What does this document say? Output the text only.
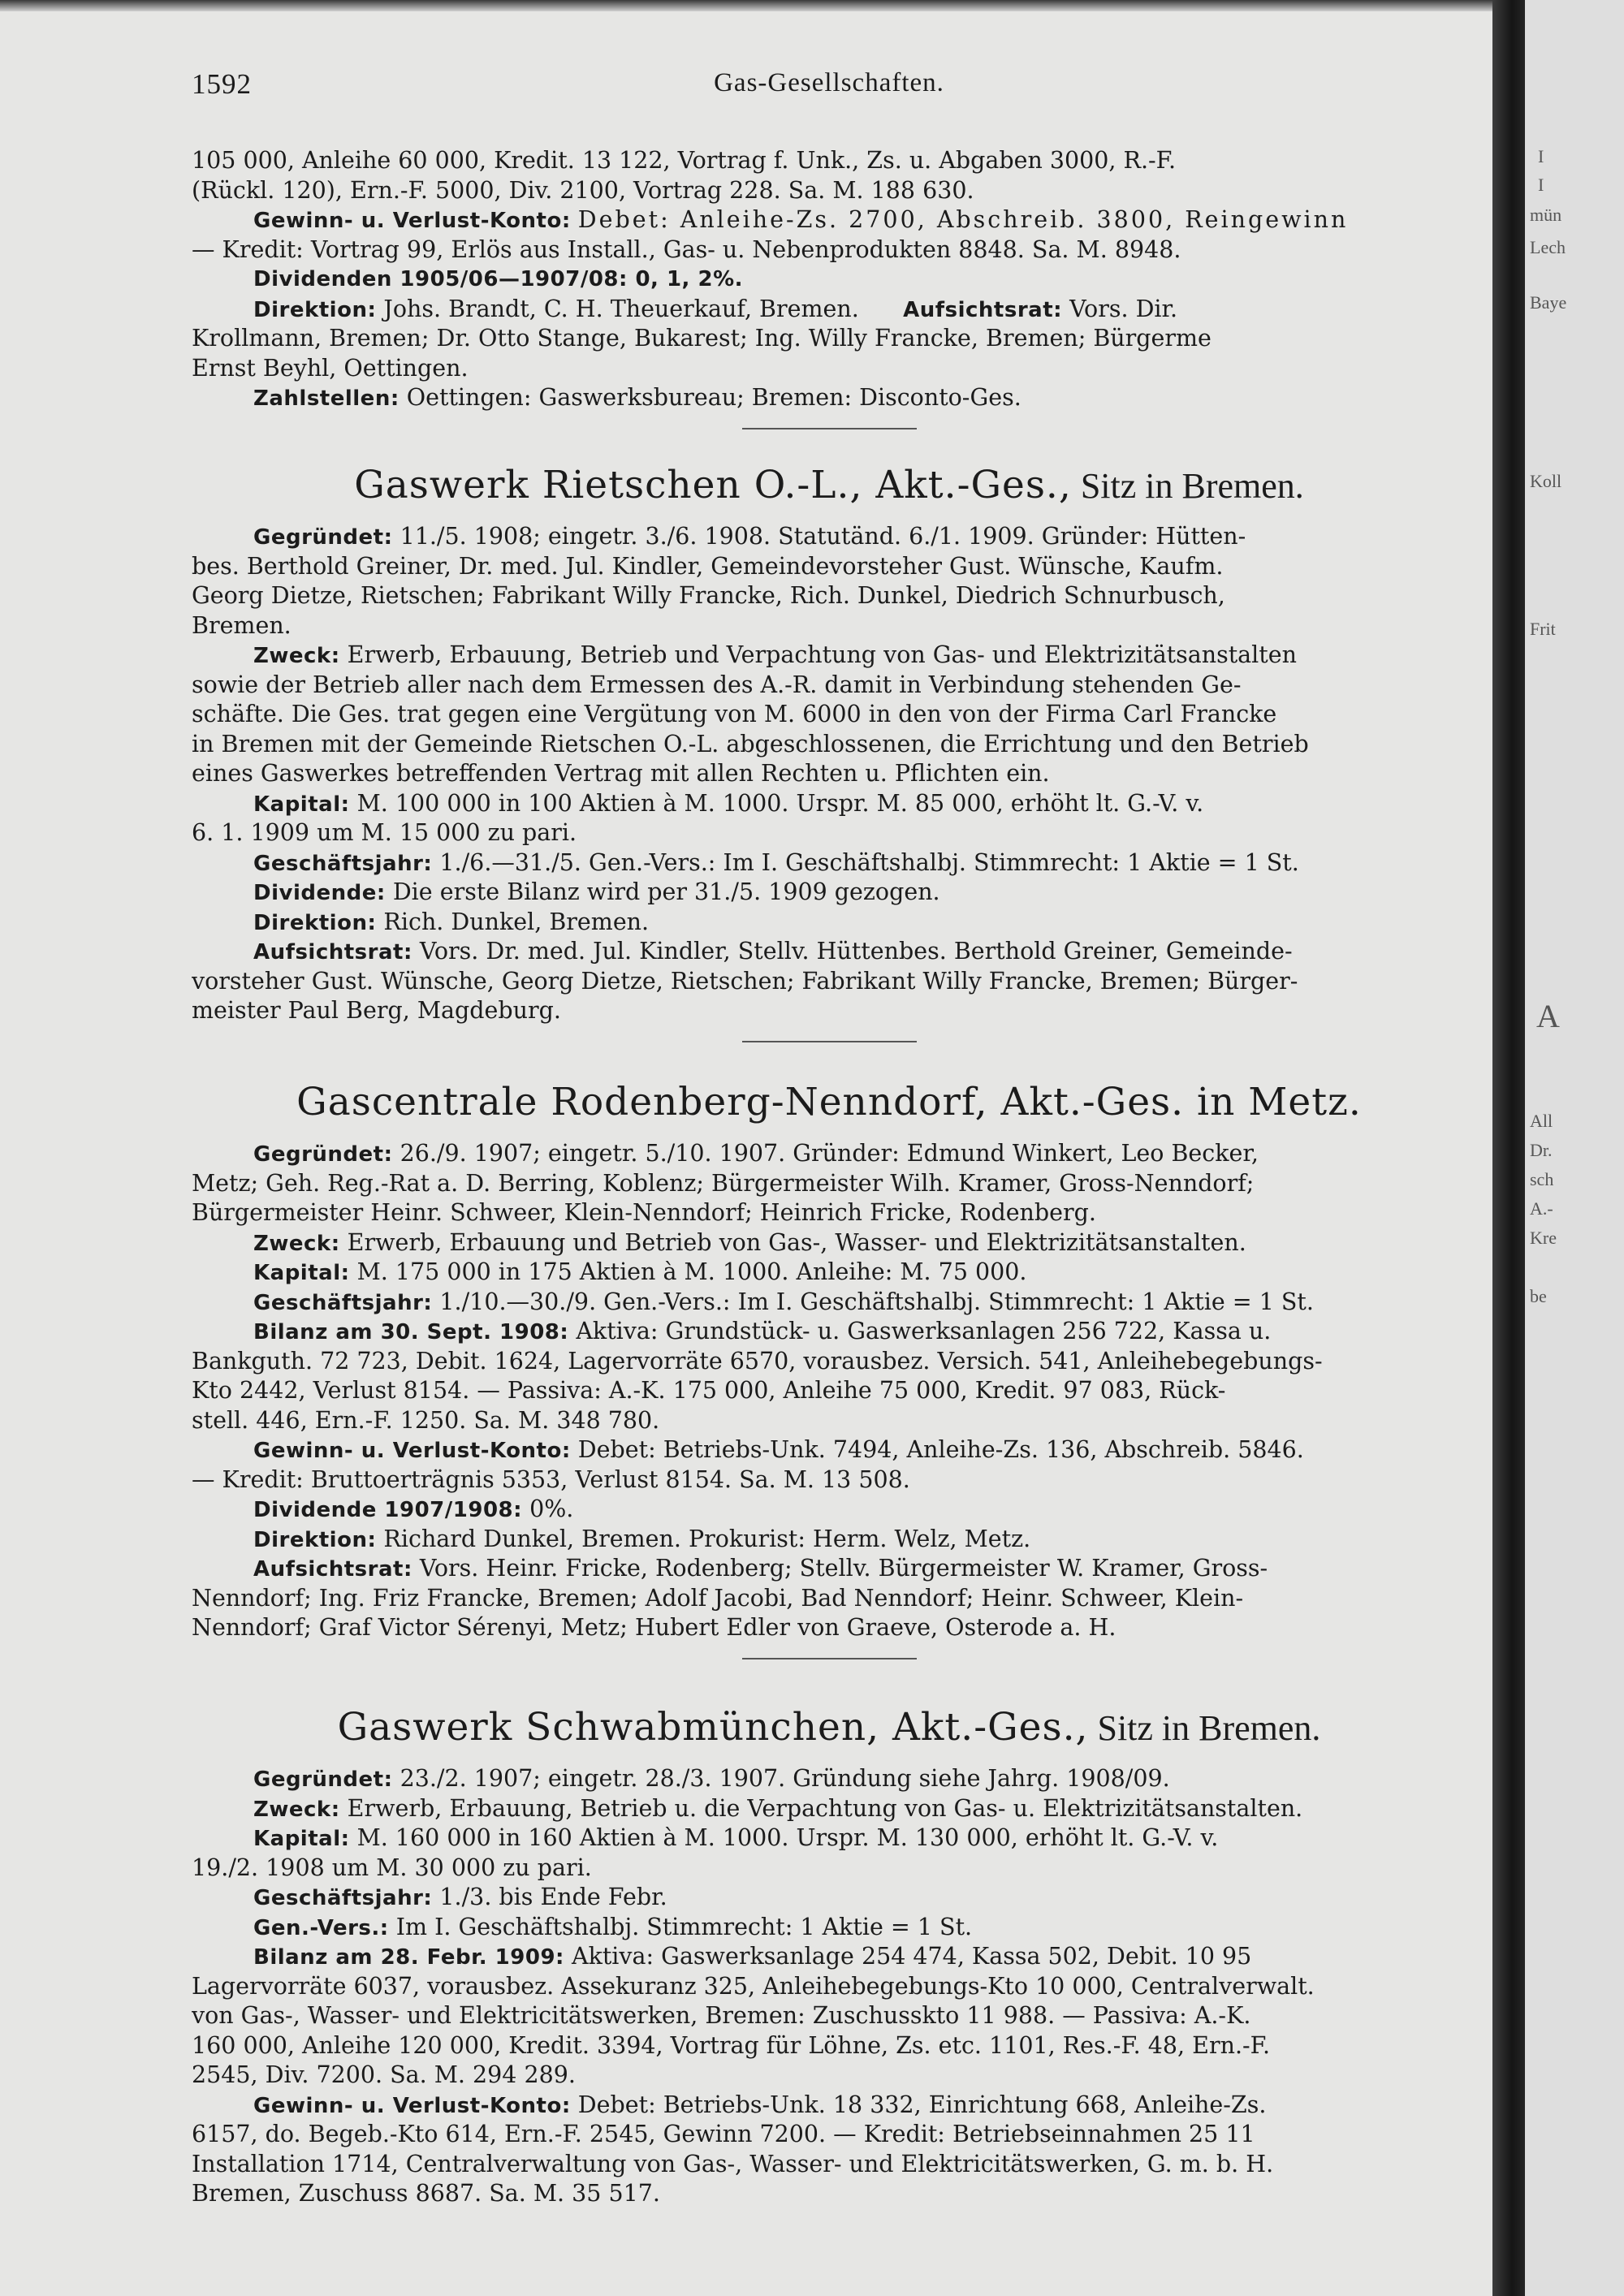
I
I
mün
Lech
Baye
Koll
Frit
A
All
Dr.
sch
A.-
Kre
be
1592	Gas-Gesellschaften.
105 000, Anleihe 60 000, Kredit. 13 122, Vortrag f. Unk., Zs. u. Abgaben 3000, R.-F.
(Rückl. 120), Ern.-F. 5000, Div. 2100, Vortrag 228. Sa. M. 188 630.
Gewinn- u. Verlust-Konto: Debet: Anleihe-Zs. 2700, Abschreib. 3800, Reingewinn
— Kredit: Vortrag 99, Erlös aus Install., Gas- u. Nebenprodukten 8848. Sa. M. 8948.
Dividenden 1905/06—1907/08: 0, 1, 2%.
Direktion: Johs. Brandt, C. H. Theuerkauf, Bremen. Aufsichtsrat: Vors. Dir.
Krollmann, Bremen; Dr. Otto Stange, Bukarest; Ing. Willy Francke, Bremen; Bürgerme
Ernst Beyhl, Oettingen.
Zahlstellen: Oettingen: Gaswerksbureau; Bremen: Disconto-Ges.
Gaswerk Rietschen O.-L., Akt.-Ges., Sitz in Bremen.
Gegründet: 11./5. 1908; eingetr. 3./6. 1908. Statutänd. 6./1. 1909. Gründer: Hütten-
bes. Berthold Greiner, Dr. med. Jul. Kindler, Gemeindevorsteher Gust. Wünsche, Kaufm.
Georg Dietze, Rietschen; Fabrikant Willy Francke, Rich. Dunkel, Diedrich Schnurbusch,
Bremen.
Zweck: Erwerb, Erbauung, Betrieb und Verpachtung von Gas- und Elektrizitätsanstalten
sowie der Betrieb aller nach dem Ermessen des A.-R. damit in Verbindung stehenden Ge-
schäfte. Die Ges. trat gegen eine Vergütung von M. 6000 in den von der Firma Carl Francke
in Bremen mit der Gemeinde Rietschen O.-L. abgeschlossenen, die Errichtung und den Betrieb
eines Gaswerkes betreffenden Vertrag mit allen Rechten u. Pflichten ein.
Kapital: M. 100 000 in 100 Aktien à M. 1000. Urspr. M. 85 000, erhöht lt. G.-V. v.
6. 1. 1909 um M. 15 000 zu pari.
Geschäftsjahr: 1./6.—31./5. Gen.-Vers.: Im I. Geschäftshalbj. Stimmrecht: 1 Aktie = 1 St.
Dividende: Die erste Bilanz wird per 31./5. 1909 gezogen.
Direktion: Rich. Dunkel, Bremen.
Aufsichtsrat: Vors. Dr. med. Jul. Kindler, Stellv. Hüttenbes. Berthold Greiner, Gemeinde-
vorsteher Gust. Wünsche, Georg Dietze, Rietschen; Fabrikant Willy Francke, Bremen; Bürger-
meister Paul Berg, Magdeburg.
Gascentrale Rodenberg-Nenndorf, Akt.-Ges. in Metz.
Gegründet: 26./9. 1907; eingetr. 5./10. 1907. Gründer: Edmund Winkert, Leo Becker,
Metz; Geh. Reg.-Rat a. D. Berring, Koblenz; Bürgermeister Wilh. Kramer, Gross-Nenndorf;
Bürgermeister Heinr. Schweer, Klein-Nenndorf; Heinrich Fricke, Rodenberg.
Zweck: Erwerb, Erbauung und Betrieb von Gas-, Wasser- und Elektrizitätsanstalten.
Kapital: M. 175 000 in 175 Aktien à M. 1000. Anleihe: M. 75 000.
Geschäftsjahr: 1./10.—30./9. Gen.-Vers.: Im I. Geschäftshalbj. Stimmrecht: 1 Aktie = 1 St.
Bilanz am 30. Sept. 1908: Aktiva: Grundstück- u. Gaswerksanlagen 256 722, Kassa u.
Bankguth. 72 723, Debit. 1624, Lagervorräte 6570, vorausbez. Versich. 541, Anleihebegebungs-
Kto 2442, Verlust 8154. — Passiva: A.-K. 175 000, Anleihe 75 000, Kredit. 97 083, Rück-
stell. 446, Ern.-F. 1250. Sa. M. 348 780.
Gewinn- u. Verlust-Konto: Debet: Betriebs-Unk. 7494, Anleihe-Zs. 136, Abschreib. 5846.
— Kredit: Bruttoerträgnis 5353, Verlust 8154. Sa. M. 13 508.
Dividende 1907/1908: 0%.
Direktion: Richard Dunkel, Bremen. Prokurist: Herm. Welz, Metz.
Aufsichtsrat: Vors. Heinr. Fricke, Rodenberg; Stellv. Bürgermeister W. Kramer, Gross-
Nenndorf; Ing. Friz Francke, Bremen; Adolf Jacobi, Bad Nenndorf; Heinr. Schweer, Klein-
Nenndorf; Graf Victor Sérenyi, Metz; Hubert Edler von Graeve, Osterode a. H.
Gaswerk Schwabmünchen, Akt.-Ges., Sitz in Bremen.
Gegründet: 23./2. 1907; eingetr. 28./3. 1907. Gründung siehe Jahrg. 1908/09.
Zweck: Erwerb, Erbauung, Betrieb u. die Verpachtung von Gas- u. Elektrizitätsanstalten.
Kapital: M. 160 000 in 160 Aktien à M. 1000. Urspr. M. 130 000, erhöht lt. G.-V. v.
19./2. 1908 um M. 30 000 zu pari.
Geschäftsjahr: 1./3. bis Ende Febr.
Gen.-Vers.: Im I. Geschäftshalbj. Stimmrecht: 1 Aktie = 1 St.
Bilanz am 28. Febr. 1909: Aktiva: Gaswerksanlage 254 474, Kassa 502, Debit. 10 95
Lagervorräte 6037, vorausbez. Assekuranz 325, Anleihebegebungs-Kto 10 000, Centralverwalt.
von Gas-, Wasser- und Elektricitätswerken, Bremen: Zuschusskto 11 988. — Passiva: A.-K.
160 000, Anleihe 120 000, Kredit. 3394, Vortrag für Löhne, Zs. etc. 1101, Res.-F. 48, Ern.-F.
2545, Div. 7200. Sa. M. 294 289.
Gewinn- u. Verlust-Konto: Debet: Betriebs-Unk. 18 332, Einrichtung 668, Anleihe-Zs.
6157, do. Begeb.-Kto 614, Ern.-F. 2545, Gewinn 7200. — Kredit: Betriebseinnahmen 25 11
Installation 1714, Centralverwaltung von Gas-, Wasser- und Elektricitätswerken, G. m. b. H.
Bremen, Zuschuss 8687. Sa. M. 35 517.
